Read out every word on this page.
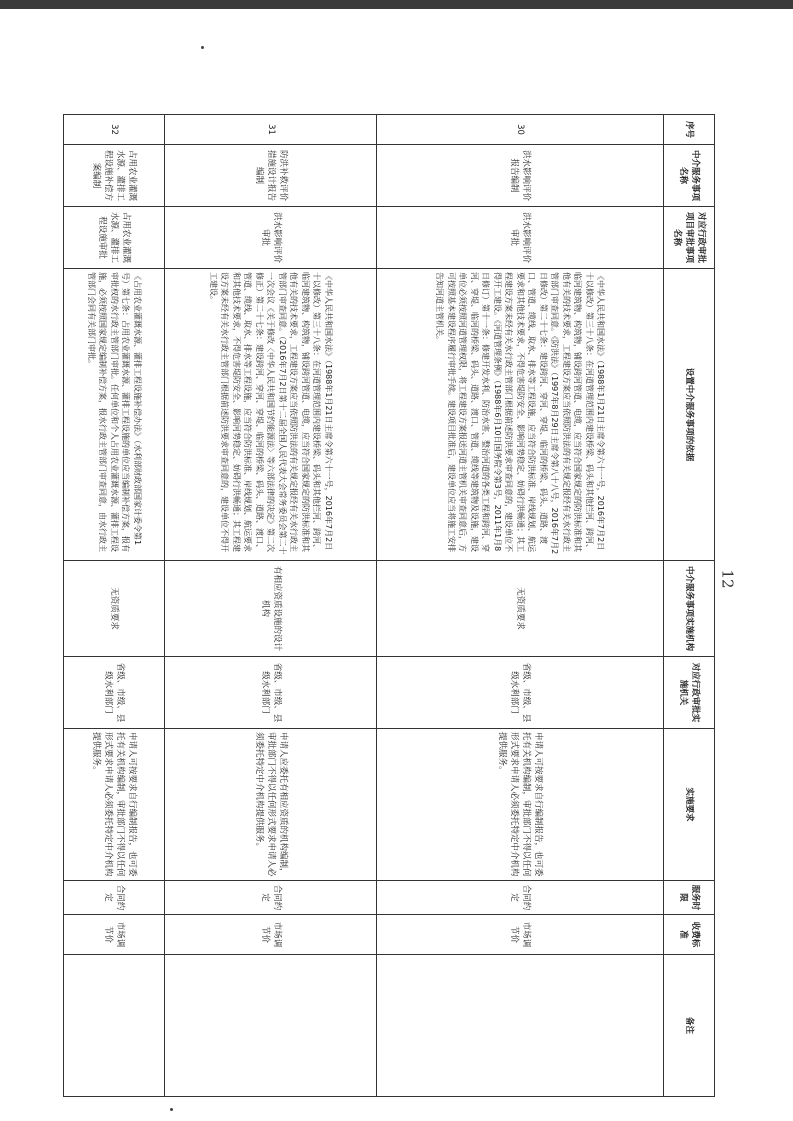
序号	中介服务事项名称	对应行政审批项目审批事项名称	设置中介服务事项的依据	中介服务事项实施机构	对应行政审批实施机关	实施要求	服务时限	收费标准	备注
30	洪水影响评价报告编制	洪水影响评价审批	《中华人民共和国水法》（1988年1月21日主席令第六十一号，2016年7月2日十以修改）第三十八条：在河道管理范围内建设桥梁、码头和其他拦河、跨河、临河建筑物、构筑物，铺设跨河管道、电缆，应当符合国家规定的防洪标准和其他有关的技术要求，工程建设方案应当依照防洪法的有关规定报经有关水行政主管部门审查同意。《防洪法》（1997年8月29日主席令第八十八号，2016年7月2日修改）第二十七条：建设跨河、穿河、穿堤、临河的桥梁、码头、道路、渡口、管道、缆线、取水、排水等工程设施，应当符合防洪标准、岸线规划、航运要求和其他技术要求，不得危害堤防安全、影响河势稳定、妨碍行洪畅通；其工程建设方案未经有关水行政主管部门根据前述防洪要求审查同意的，建设单位不得开工建设。《河道管理条例》（1988年6月10日国务院令第3号，2011年1月8日修订）第十一条：修建开发水利、防治水害、整治河道的各类工程和跨河、穿河、穿堤、临河的桥梁、码头、道路、渡口、管道、缆线等建筑物及设施，建设单位必须按照河道管理权限，将工程建设方案报送河道主管机关审查同意后，方可按照基本建设程序履行审批手续。建设项目批准后，建设单位应当将施工安排告知河道主管机关。	无资质要求	省级、市级、县级水利部门	申请人可按要求自行编制报告，也可委托有关机构编制，审批部门不得以任何形式要求申请人必须委托特定中介机构提供服务。	合同约定	市场调节价	
31	防洪补救评价措施设计报告编制	洪水影响评价审批	《中华人民共和国水法》（1988年1月21日主席令第六十一号，2016年7月2日十以修改）第三十八条：在河道管理范围内建设桥梁、码头和其他拦河、跨河、临河建筑物、构筑物，铺设跨河管道、电缆，应当符合国家规定的防洪标准和其他有关的技术要求，工程建设方案应当依照防洪法的有关规定报经有关水行政主管部门审查同意。（2016年7月2日第十二届全国人民代表大会常务委员会第二十一次会议《关于修改〈中华人民共和国节约能源法〉等六部法律的决定》第二次修正）第二十七条：建设跨河、穿河、穿堤、临河的桥梁、码头、道路、渡口、管道、缆线、取水、排水等工程设施，应当符合防洪标准、岸线规划、航运要求和其他技术要求，不得危害堤防安全、影响河势稳定、妨碍行洪畅通；其工程建设方案未经有关水行政主管部门根据前述防洪要求审查同意的，建设单位不得开工建设。	有相应资质设施的设计机构	省级、市级、县级水利部门	申请人应委托有相应资质的机构编制，审批部门不得以任何形式要求申请人必须委托特定中介机构提供服务。	合同约定	市场调节价	
32	占用农业灌溉水源、灌排工程设施补偿方案编制	占用农业灌溉水源、灌排工程设施审批	《占用农业灌溉水源、灌排工程设施补偿办法》（水利部财政部国家计委令第1号）第七条：占用农业灌溉水源、灌排工程设施的单位应当编制补偿方案，报有审批权的水行政主管部门审批。任何单位和个人占用农业灌溉水源、灌排工程设施，必须按照国家规定编制补偿方案，报水行政主管部门审查同意，由水行政主管部门会同有关部门审批。	无资质要求	省级、市级、县级水利部门	申请人可按要求自行编制报告，也可委托有关机构编制，审批部门不得以任何形式要求申请人必须委托特定中介机构提供服务。	合同约定	市场调节价	
12
